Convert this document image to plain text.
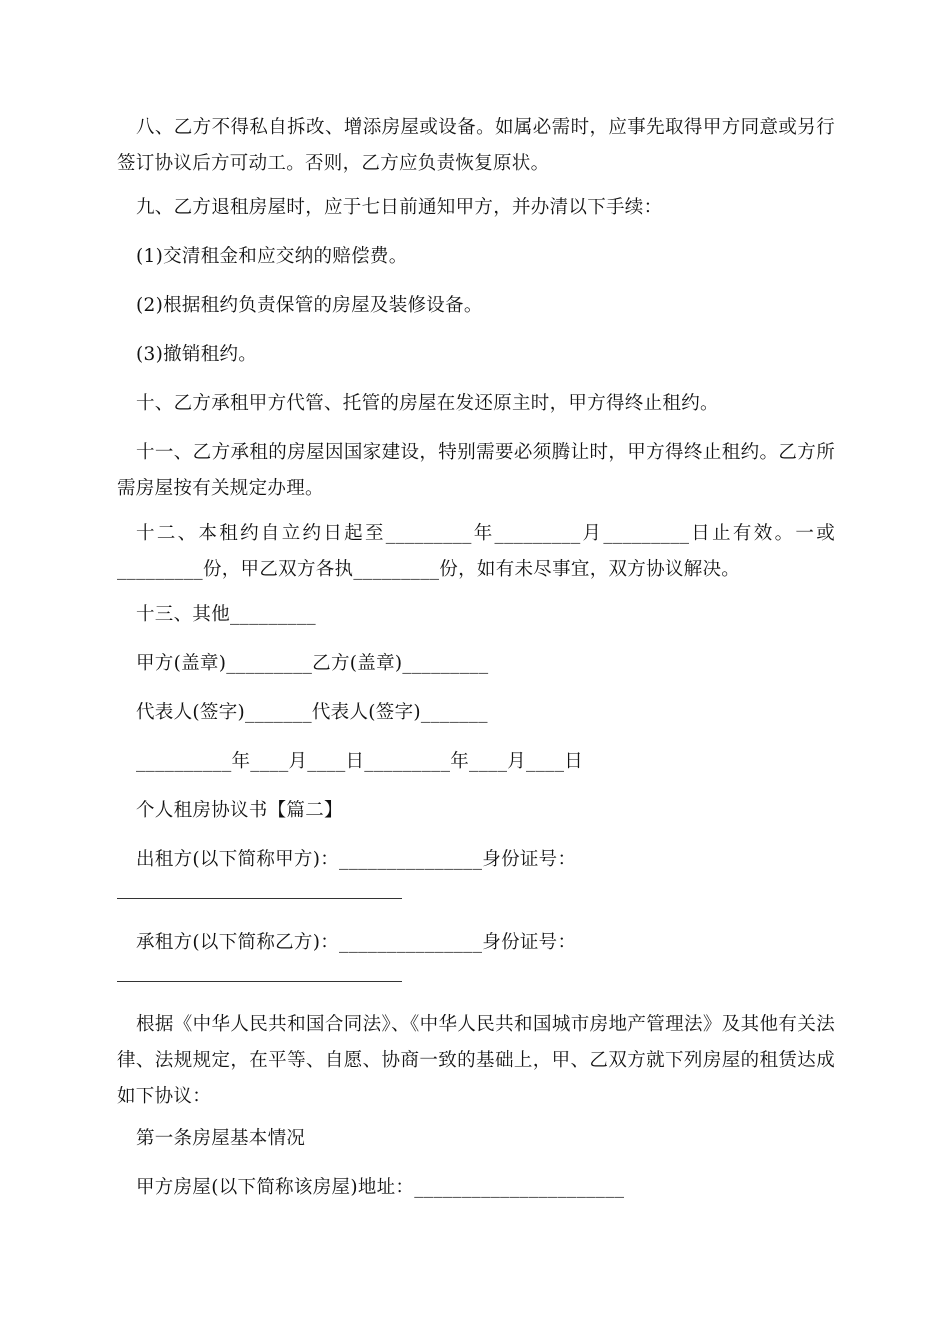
八、乙方不得私自拆改、增添房屋或设备。如属必需时，应事先取得甲方同意或另行签订协议后方可动工。否则，乙方应负责恢复原状。

九、乙方退租房屋时，应于七日前通知甲方，并办清以下手续：

(1)交清租金和应交纳的赔偿费。

(2)根据租约负责保管的房屋及装修设备。

(3)撤销租约。

十、乙方承租甲方代管、托管的房屋在发还原主时，甲方得终止租约。

十一、乙方承租的房屋因国家建设，特别需要必须腾让时，甲方得终止租约。乙方所需房屋按有关规定办理。

十二、本租约自立约日起至_________年_________月_________日止有效。一或_________份，甲乙双方各执_________份，如有未尽事宜，双方协议解决。

十三、其他_________

甲方(盖章)_________乙方(盖章)_________

代表人(签字)_______代表人(签字)_______

__________年____月____日_________年____月____日

个人租房协议书【篇二】

出租方(以下简称甲方)：_______________身份证号：

承租方(以下简称乙方)：_______________身份证号：

根据《中华人民共和国合同法》、《中华人民共和国城市房地产管理法》及其他有关法律、法规规定，在平等、自愿、协商一致的基础上，甲、乙双方就下列房屋的租赁达成如下协议：

第一条房屋基本情况

甲方房屋(以下简称该房屋)地址：______________________
